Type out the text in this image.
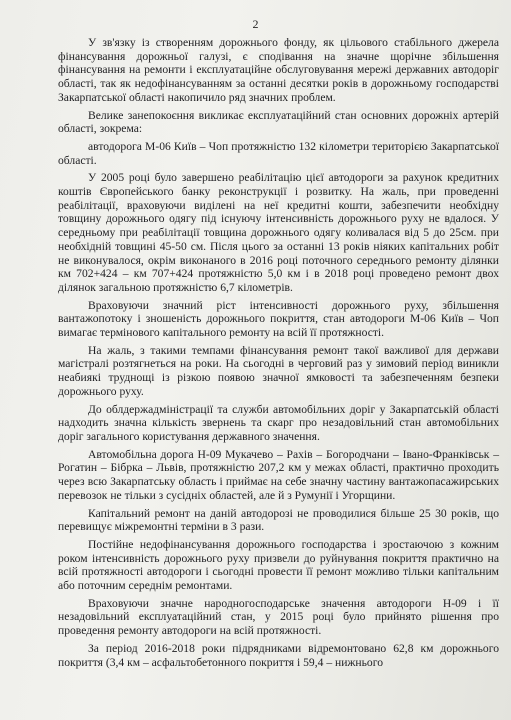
2

У зв'язку із створенням дорожнього фонду, як цільового стабільного джерела фінансування дорожньої галузі, є сподівання на значне щорічне збільшення фінансування на ремонти і експлуатаційне обслуговування мережі державних автодоріг області, так як недофінансуванням за останні десятки років в дорожньому господарстві Закарпатської області накопичило ряд значних проблем.

Велике занепокоєння викликає експлуатаційний стан основних дорожніх артерій області, зокрема:

автодорога М-06 Київ – Чоп протяжністю 132 кілометри територією Закарпатської області.

У 2005 році було завершено реабілітацію цієї автодороги за рахунок кредитних коштів Європейського банку реконструкції і розвитку. На жаль, при проведенні реабілітації, враховуючи виділені на неї кредитні кошти, забезпечити необхідну товщину дорожнього одягу під існуючу інтенсивність дорожнього руху не вдалося. У середньому при реабілітації товщина дорожнього одягу коливалася від 5 до 25см. при необхідній товщині 45-50 см. Після цього за останні 13 років ніяких капітальних робіт не виконувалося, окрім виконаного в 2016 році поточного середнього ремонту ділянки км 702+424 – км 707+424 протяжністю 5,0 км і в 2018 році проведено ремонт двох ділянок загальною протяжністю 6,7 кілометрів.

Враховуючи значний ріст інтенсивності дорожнього руху, збільшення вантажопотоку і зношеність дорожнього покриття, стан автодороги М-06 Київ – Чоп вимагає термінового капітального ремонту на всій її протяжності.

На жаль, з такими темпами фінансування ремонт такої важливої для держави магістралі розтягнеться на роки. На сьогодні в черговий раз у зимовий період виникли неабиякі труднощі із різкою появою значної ямковості та забезпеченням безпеки дорожнього руху.

До облдержадміністрації та служби автомобільних доріг у Закарпатській області надходить значна кількість звернень та скарг про незадовільний стан автомобільних доріг загального користування державного значення.

Автомобільна дорога Н-09 Мукачево – Рахів – Богородчани – Івано-Франківськ – Рогатин – Бібрка – Львів, протяжністю 207,2 км у межах області, практично проходить через всю Закарпатську область і приймає на себе значну частину вантажопасажирських перевозок не тільки з сусідніх областей, але й з Румунії і Угорщини.

Капітальний ремонт на даній автодорозі не проводилися більше 25 30 років, що перевищує міжремонтні терміни в 3 рази.

Постійне недофінансування дорожнього господарства і зростаючою з кожним роком інтенсивність дорожнього руху призвели до руйнування покриття практично на всій протяжності автодороги і сьогодні провести її ремонт можливо тільки капітальним або поточним середнім ремонтами.

Враховуючи значне народногосподарське значення автодороги Н-09 і її незадовільний експлуатаційний стан, у 2015 році було прийнято рішення про проведення ремонту автодороги на всій протяжності.

За період 2016-2018 роки підрядниками відремонтовано 62,8 км дорожнього покриття (3,4 км – асфальтобетонного покриття і 59,4 – нижнього
